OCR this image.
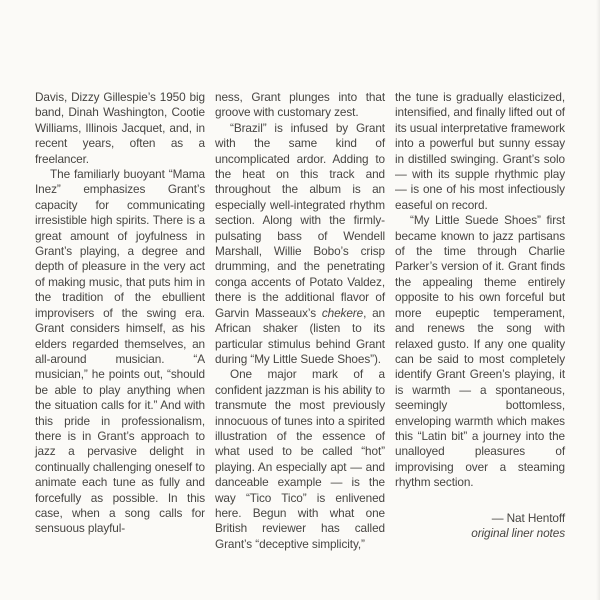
Davis, Dizzy Gillespie’s 1950 big band, Dinah Washington, Cootie Williams, Illinois Jacquet, and, in recent years, often as a freelancer.

The familiarly buoyant “Mama Inez” emphasizes Grant’s capacity for communicating irresistible high spirits. There is a great amount of joyfulness in Grant’s playing, a degree and depth of pleasure in the very act of making music, that puts him in the tradition of the ebullient improvisers of the swing era. Grant considers himself, as his elders regarded themselves, an all-around musician. “A musician,” he points out, “should be able to play anything when the situation calls for it.” And with this pride in professionalism, there is in Grant’s approach to jazz a pervasive delight in continually challenging oneself to animate each tune as fully and forcefully as possible. In this case, when a song calls for sensuous playful-

ness, Grant plunges into that groove with customary zest.

“Brazil” is infused by Grant with the same kind of uncomplicated ardor. Adding to the heat on this track and throughout the album is an especially well-integrated rhythm section. Along with the firmly-pulsating bass of Wendell Marshall, Willie Bobo’s crisp drumming, and the penetrating conga accents of Potato Valdez, there is the additional flavor of Garvin Masseaux’s chekere, an African shaker (listen to its particular stimulus behind Grant during “My Little Suede Shoes”).

One major mark of a confident jazzman is his ability to transmute the most previously innocuous of tunes into a spirited illustration of the essence of what used to be called “hot” playing. An especially apt — and danceable example — is the way “Tico Tico” is enlivened here. Begun with what one British reviewer has called Grant’s “deceptive simplicity,”

the tune is gradually elasticized, intensified, and finally lifted out of its usual interpretative framework into a powerful but sunny essay in distilled swinging. Grant’s solo — with its supple rhythmic play — is one of his most infectiously easeful on record.

“My Little Suede Shoes” first became known to jazz partisans of the time through Charlie Parker’s version of it. Grant finds the appealing theme entirely opposite to his own forceful but more eupeptic temperament, and renews the song with relaxed gusto. If any one quality can be said to most completely identify Grant Green’s playing, it is warmth — a spontaneous, seemingly bottomless, enveloping warmth which makes this “Latin bit” a journey into the unalloyed pleasures of improvising over a steaming rhythm section.

— Nat Hentoff
original liner notes
